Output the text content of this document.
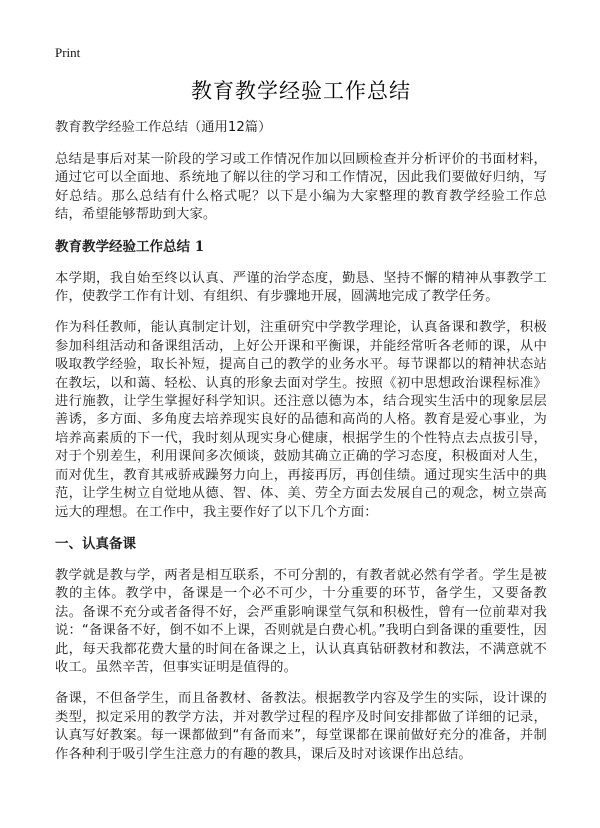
Print
教育教学经验工作总结
教育教学经验工作总结（通用12篇）

总结是事后对某一阶段的学习或工作情况作加以回顾检查并分析评价的书面材料，通过它可以全面地、系统地了解以往的学习和工作情况，因此我们要做好归纳，写好总结。那么总结有什么格式呢？以下是小编为大家整理的教育教学经验工作总结，希望能够帮助到大家。

教育教学经验工作总结 1

本学期，我自始至终以认真、严谨的治学态度，勤恳、坚持不懈的精神从事教学工作，使教学工作有计划、有组织、有步骤地开展，圆满地完成了教学任务。

作为科任教师，能认真制定计划，注重研究中学教学理论，认真备课和教学，积极参加科组活动和备课组活动，上好公开课和平衡课，并能经常听各老师的课，从中吸取教学经验，取长补短，提高自己的教学的业务水平。每节课都以的精神状态站在教坛，以和蔼、轻松、认真的形象去面对学生。按照《初中思想政治课程标准》进行施教，让学生掌握好科学知识。还注意以德为本，结合现实生活中的现象层层善诱，多方面、多角度去培养现实良好的品德和高尚的人格。教育是爱心事业，为培养高素质的下一代，我时刻从现实身心健康，根据学生的个性特点去点拔引导，对于个别差生，利用课间多次倾谈，鼓励其确立正确的学习态度，积极面对人生，而对优生，教育其戒骄戒躁努力向上，再接再厉，再创佳绩。通过现实生活中的典范，让学生树立自觉地从德、智、体、美、劳全方面去发展自己的观念，树立崇高远大的理想。在工作中，我主要作好了以下几个方面：

一、认真备课

教学就是教与学，两者是相互联系，不可分割的，有教者就必然有学者。学生是被教的主体。教学中，备课是一个必不可少，十分重要的环节，备学生，又要备教法。备课不充分或者备得不好，会严重影响课堂气氛和积极性，曾有一位前辈对我说：“备课备不好，倒不如不上课，否则就是白费心机。”我明白到备课的重要性，因此，每天我都花费大量的时间在备课之上，认认真真钻研教材和教法，不满意就不收工。虽然辛苦，但事实证明是值得的。

备课，不但备学生，而且备教材、备教法。根据教学内容及学生的实际，设计课的类型，拟定采用的教学方法，并对教学过程的程序及时间安排都做了详细的记录，认真写好教案。每一课都做到“有备而来”，每堂课都在课前做好充分的准备，并制作各种利于吸引学生注意力的有趣的教具，课后及时对该课作出总结。
